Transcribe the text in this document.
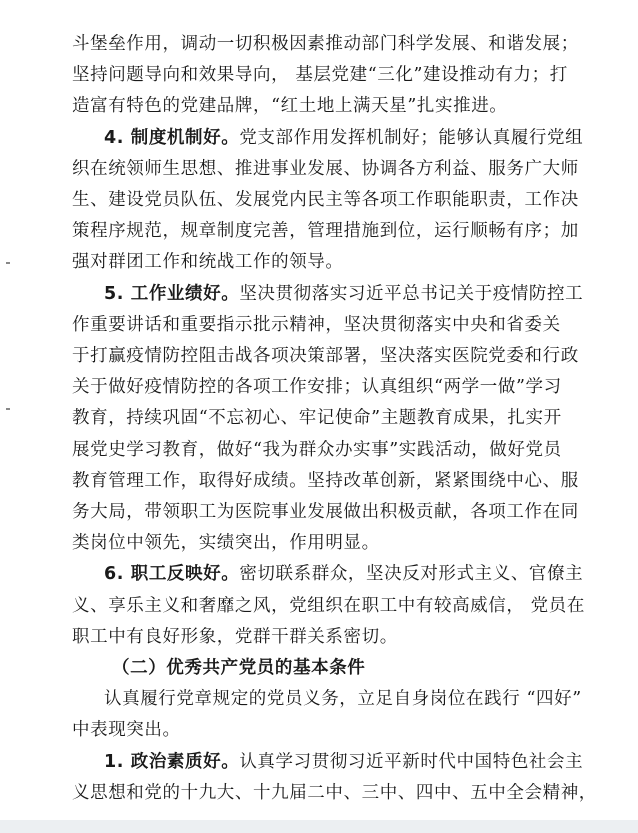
斗堡垒作用，调动一切积极因素推动部门科学发展、和谐发展；
坚持问题导向和效果导向， 基层党建“三化”建设推动有力；打
造富有特色的党建品牌，“红土地上满天星”扎实推进。
4. 制度机制好。党支部作用发挥机制好；能够认真履行党组
织在统领师生思想、推进事业发展、协调各方利益、服务广大师
生、建设党员队伍、发展党内民主等各项工作职能职责，工作决
策程序规范，规章制度完善，管理措施到位，运行顺畅有序；加
强对群团工作和统战工作的领导。
5. 工作业绩好。坚决贯彻落实习近平总书记关于疫情防控工
作重要讲话和重要指示批示精神，坚决贯彻落实中央和省委关
于打赢疫情防控阻击战各项决策部署，坚决落实医院党委和行政
关于做好疫情防控的各项工作安排；认真组织“两学一做”学习
教育，持续巩固“不忘初心、牢记使命”主题教育成果，扎实开
展党史学习教育，做好“我为群众办实事”实践活动，做好党员
教育管理工作，取得好成绩。坚持改革创新，紧紧围绕中心、服
务大局，带领职工为医院事业发展做出积极贡献，各项工作在同
类岗位中领先，实绩突出，作用明显。
6. 职工反映好。密切联系群众，坚决反对形式主义、官僚主
义、享乐主义和奢靡之风，党组织在职工中有较高威信， 党员在
职工中有良好形象，党群干群关系密切。
（二）优秀共产党员的基本条件
认真履行党章规定的党员义务，立足自身岗位在践行 “四好”
中表现突出。
1. 政治素质好。认真学习贯彻习近平新时代中国特色社会主
义思想和党的十九大、十九届二中、三中、四中、五中全会精神，
